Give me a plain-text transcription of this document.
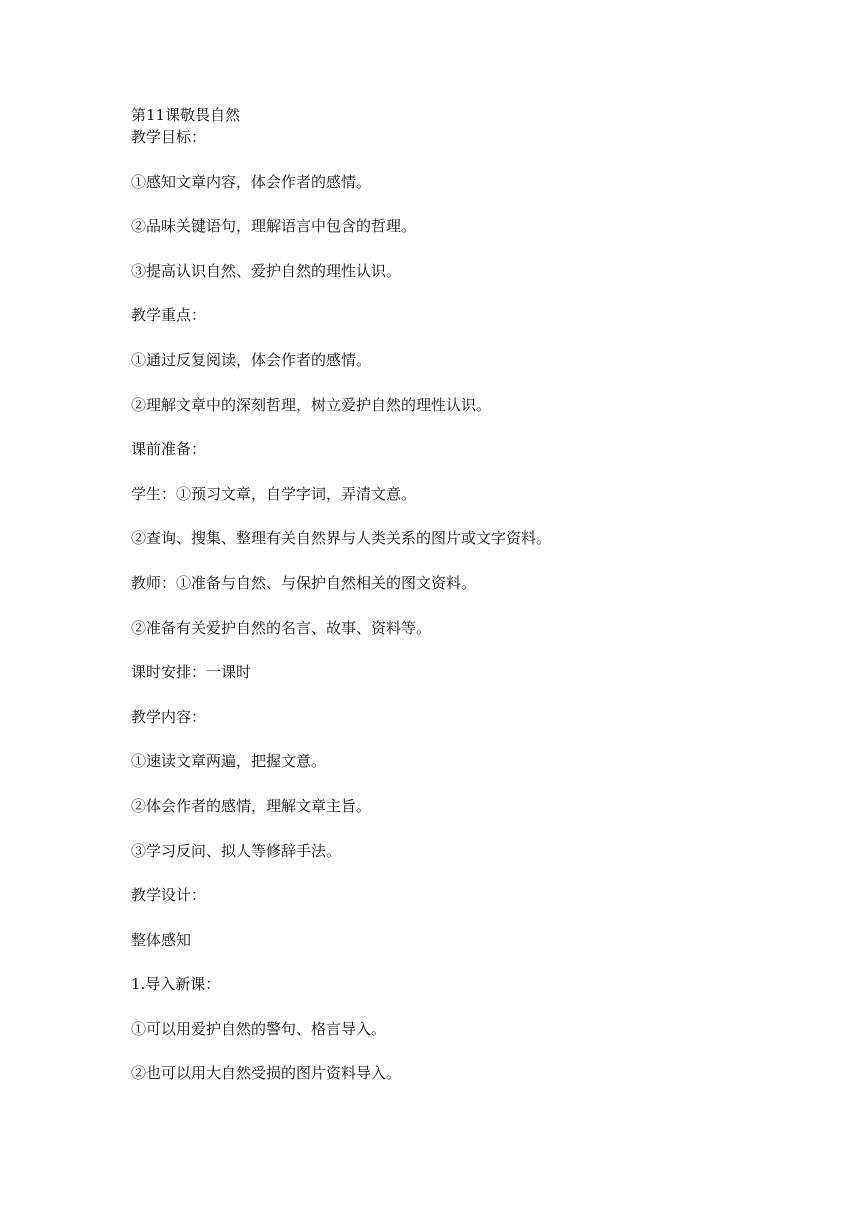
第11课敬畏自然

教学目标：

①感知文章内容，体会作者的感情。

②品味关键语句，理解语言中包含的哲理。

③提高认识自然、爱护自然的理性认识。

教学重点：

①通过反复阅读，体会作者的感情。

②理解文章中的深刻哲理，树立爱护自然的理性认识。

课前准备：

学生：①预习文章，自学字词，弄清文意。

②查询、搜集、整理有关自然界与人类关系的图片或文字资料。

教师：①准备与自然、与保护自然相关的图文资料。

②准备有关爱护自然的名言、故事、资料等。

课时安排：一课时

教学内容：

①速读文章两遍，把握文意。

②体会作者的感情，理解文章主旨。

③学习反问、拟人等修辞手法。

教学设计：

整体感知

1.导入新课：

①可以用爱护自然的警句、格言导入。

②也可以用大自然受损的图片资料导入。
